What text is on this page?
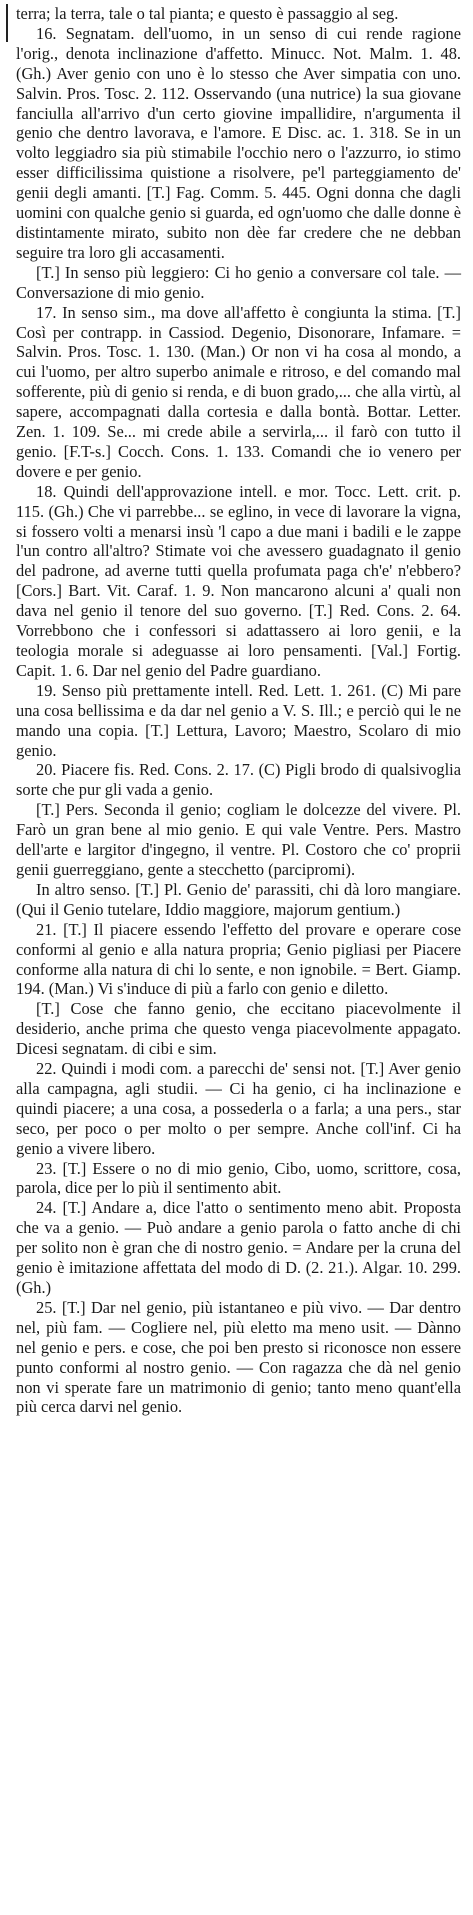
terra; la terra, tale o tal pianta; e questo è passaggio al seg.

16. Segnatam. dell'uomo, in un senso di cui rende ragione l'orig., denota inclinazione d'affetto. Minucc. Not. Malm. 1. 48. (Gh.) Aver genio con uno è lo stesso che Aver simpatia con uno. Salvin. Pros. Tosc. 2. 112. Osservando (una nutrice) la sua giovane fanciulla all'arrivo d'un certo giovine impallidire, n'argumenta il genio che dentro lavorava, e l'amore. E Disc. ac. 1. 318. Se in un volto leggiadro sia più stimabile l'occhio nero o l'azzurro, io stimo esser difficilissima quistione a risolvere, pe'l parteggiamento de' genii degli amanti. [T.] Fag. Comm. 5. 445. Ogni donna che dagli uomini con qualche genio si guarda, ed ogn'uomo che dalle donne è distintamente mirato, subito non dèe far credere che ne debban seguire tra loro gli accasamenti.

[T.] In senso più leggiero: Ci ho genio a conversare col tale. — Conversazione di mio genio.

17. In senso sim., ma dove all'affetto è congiunta la stima. [T.] Così per contrapp. in Cassiod. Degenio, Disonorare, Infamare. = Salvin. Pros. Tosc. 1. 130. (Man.) Or non vi ha cosa al mondo, a cui l'uomo, per altro superbo animale e ritroso, e del comando mal sofferente, più di genio si renda, e di buon grado,... che alla virtù, al sapere, accompagnati dalla cortesia e dalla bontà. Bottar. Letter. Zen. 1. 109. Se... mi crede abile a servirla,... il farò con tutto il genio. [F.T-s.] Cocch. Cons. 1. 133. Comandi che io venero per dovere e per genio.

18. Quindi dell'approvazione intell. e mor. Tocc. Lett. crit. p. 115. (Gh.) Che vi parrebbe... se eglino, in vece di lavorare la vigna, si fossero volti a menarsi insù 'l capo a due mani i badili e le zappe l'un contro all'altro? Stimate voi che avessero guadagnato il genio del padrone, ad averne tutti quella profumata paga ch'e' n'ebbero? [Cors.] Bart. Vit. Caraf. 1. 9. Non mancarono alcuni a' quali non dava nel genio il tenore del suo governo. [T.] Red. Cons. 2. 64. Vorrebbono che i confessori si adattassero ai loro genii, e la teologia morale si adeguasse ai loro pensamenti. [Val.] Fortig. Capit. 1. 6. Dar nel genio del Padre guardiano.

19. Senso più prettamente intell. Red. Lett. 1. 261. (C) Mi pare una cosa bellissima e da dar nel genio a V. S. Ill.; e perciò qui le ne mando una copia. [T.] Lettura, Lavoro; Maestro, Scolaro di mio genio.

20. Piacere fis. Red. Cons. 2. 17. (C) Pigli brodo di qualsivoglia sorte che pur gli vada a genio.

[T.] Pers. Seconda il genio; cogliam le dolcezze del vivere. Pl. Farò un gran bene al mio genio. E qui vale Ventre. Pers. Mastro dell'arte e largitor d'ingegno, il ventre. Pl. Costoro che co' proprii genii guerreggiano, gente a stecchetto (parcipromi).

In altro senso. [T.] Pl. Genio de' parassiti, chi dà loro mangiare. (Qui il Genio tutelare, Iddio maggiore, majorum gentium.)

21. [T.] Il piacere essendo l'effetto del provare e operare cose conformi al genio e alla natura propria; Genio pigliasi per Piacere conforme alla natura di chi lo sente, e non ignobile. = Bert. Giamp. 194. (Man.) Vi s'induce di più a farlo con genio e diletto.

[T.] Cose che fanno genio, che eccitano piacevolmente il desiderio, anche prima che questo venga piacevolmente appagato. Dicesi segnatam. di cibi e sim.

22. Quindi i modi com. a parecchi de' sensi not. [T.] Aver genio alla campagna, agli studii. — Ci ha genio, ci ha inclinazione e quindi piacere; a una cosa, a possederla o a farla; a una pers., star seco, per poco o per molto o per sempre. Anche coll'inf. Ci ha genio a vivere libero.

23. [T.] Essere o no di mio genio, Cibo, uomo, scrittore, cosa, parola, dice per lo più il sentimento abit.

24. [T.] Andare a, dice l'atto o sentimento meno abit. Proposta che va a genio. — Può andare a genio parola o fatto anche di chi per solito non è gran che di nostro genio. = Andare per la cruna del genio è imitazione affettata del modo di D. (2. 21.). Algar. 10. 299. (Gh.)

25. [T.] Dar nel genio, più istantaneo e più vivo. — Dar dentro nel, più fam. — Cogliere nel, più eletto ma meno usit. — Dànno nel genio e pers. e cose, che poi ben presto si riconosce non essere punto conformi al nostro genio. — Con ragazza che dà nel genio non vi sperate fare un matrimonio di genio; tanto meno quant'ella più cerca darvi nel genio.
